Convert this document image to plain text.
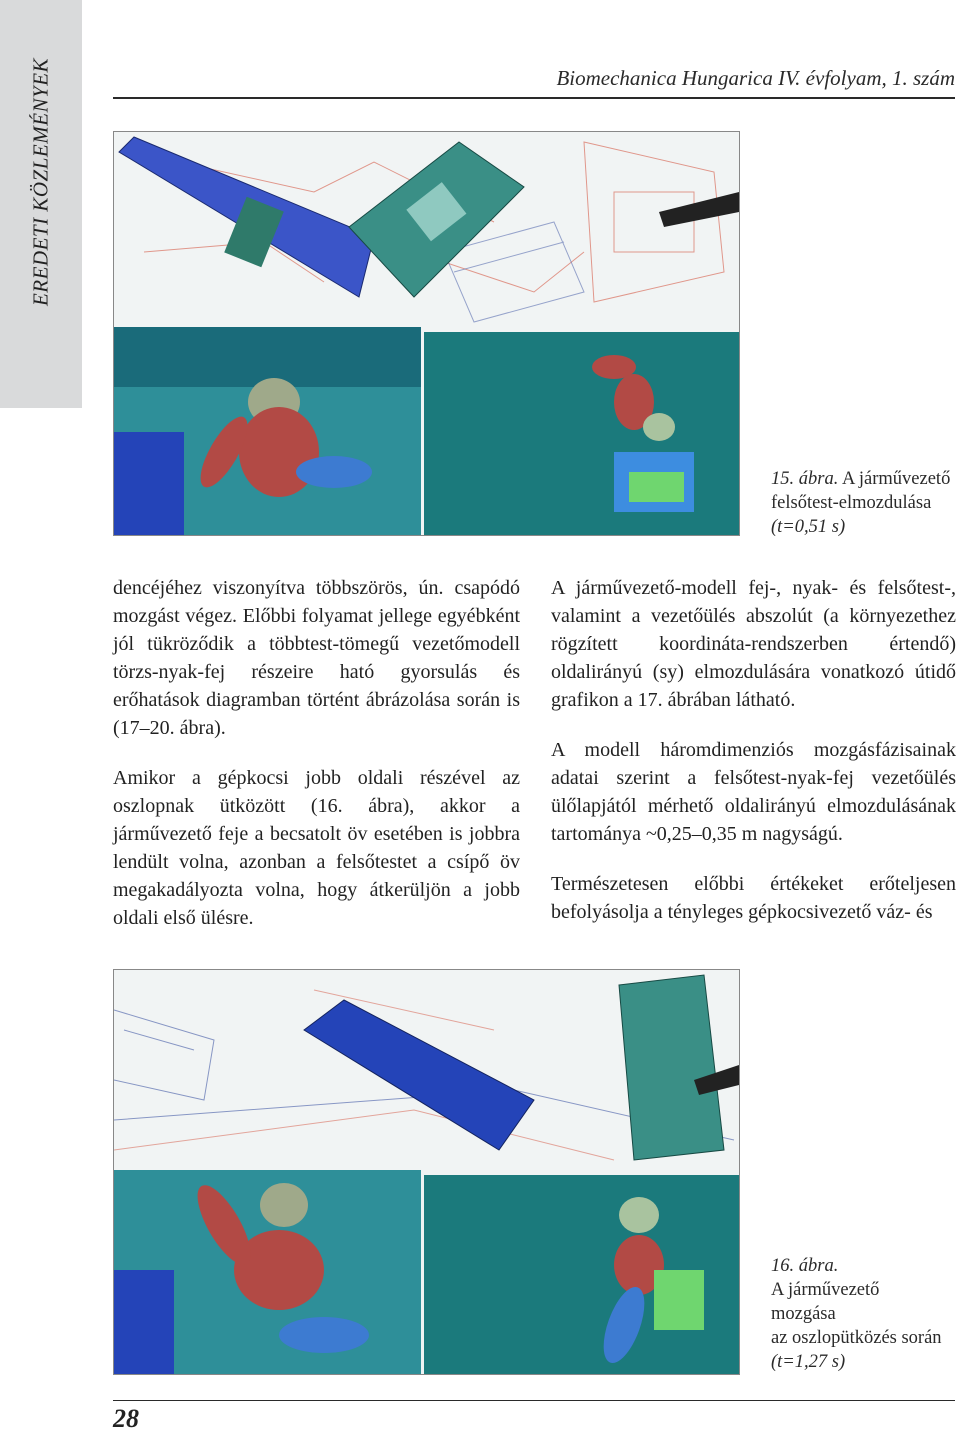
EREDETI KÖZLEMÉNYEK	Biomechanica Hungarica IV. évfolyam, 1. szám
15. ábra. A járművezető
felsőtest-elmozdulása
(t=0,51 s)

dencéjéhez viszonyítva többszörös, ún. csapódó mozgást végez. Előbbi folyamat jellege egyébként jól tükröződik a többtest-tömegű vezetőmodell törzs-nyak-fej részeire ható gyorsulás és erőhatások diagramban történt ábrázolása során is (17–20. ábra).

Amikor a gépkocsi jobb oldali részével az oszlopnak ütközött (16. ábra), akkor a járművezető feje a becsatolt öv esetében is jobbra lendült volna, azonban a felsőtestet a csípő öv megakadályozta volna, hogy átkerüljön a jobb oldali első ülésre.

A járművezető-modell fej-, nyak- és felsőtest-, valamint a vezetőülés abszolút (a környezethez rögzített koordináta-rendszerben értendő) oldalirányú (sy) elmozdulására vonatkozó útidő grafikon a 17. ábrában látható.

A modell háromdimenziós mozgásfázisainak adatai szerint a felsőtest-nyak-fej vezetőülés ülőlapjától mérhető oldalirányú elmozdulásának tartománya ~0,25–0,35 m nagyságú.

Természetesen előbbi értékeket erőteljesen befolyásolja a tényleges gépkocsivezető váz- és

16. ábra.
A járművezető
mozgása
az oszlopütközés során
(t=1,27 s)
28
